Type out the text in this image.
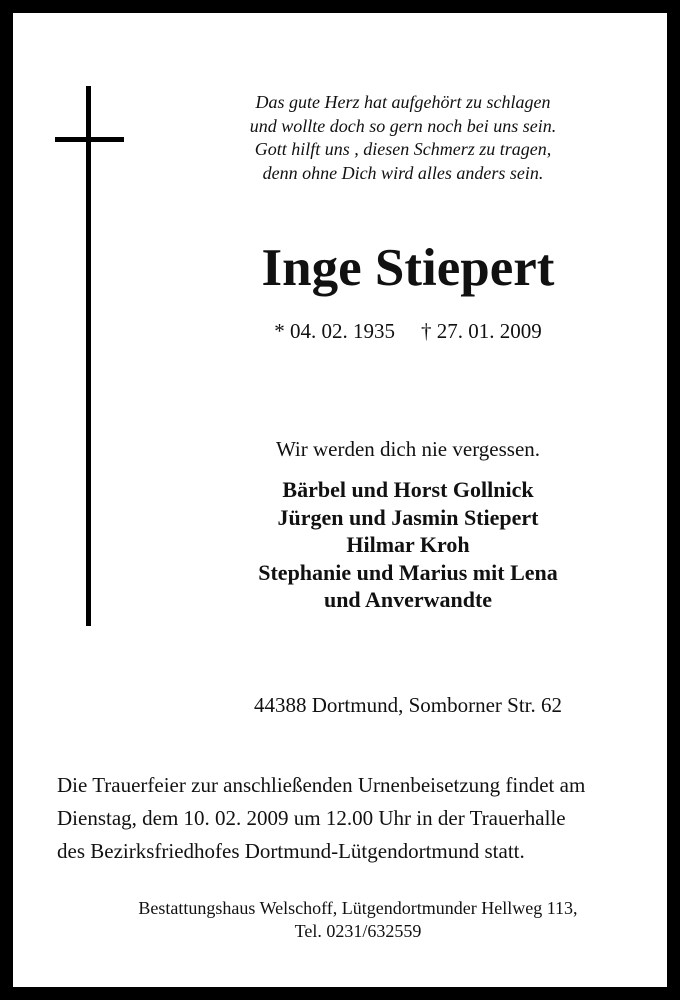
Das gute Herz hat aufgehört zu schlagen
und wollte doch so gern noch bei uns sein.
Gott hilft uns , diesen Schmerz zu tragen,
denn ohne Dich wird alles anders sein.
Inge Stiepert
* 04. 02. 1935 † 27. 01. 2009
Wir werden dich nie vergessen.
Bärbel und Horst Gollnick
Jürgen und Jasmin Stiepert
Hilmar Kroh
Stephanie und Marius mit Lena
und Anverwandte
44388 Dortmund, Somborner Str. 62
Die Trauerfeier zur anschließenden Urnenbeisetzung findet am
Dienstag, dem 10. 02. 2009 um 12.00 Uhr in der Trauerhalle
des Bezirksfriedhofes Dortmund-Lütgendortmund statt.
Bestattungshaus Welschoff, Lütgendortmunder Hellweg 113,
Tel. 0231/632559
